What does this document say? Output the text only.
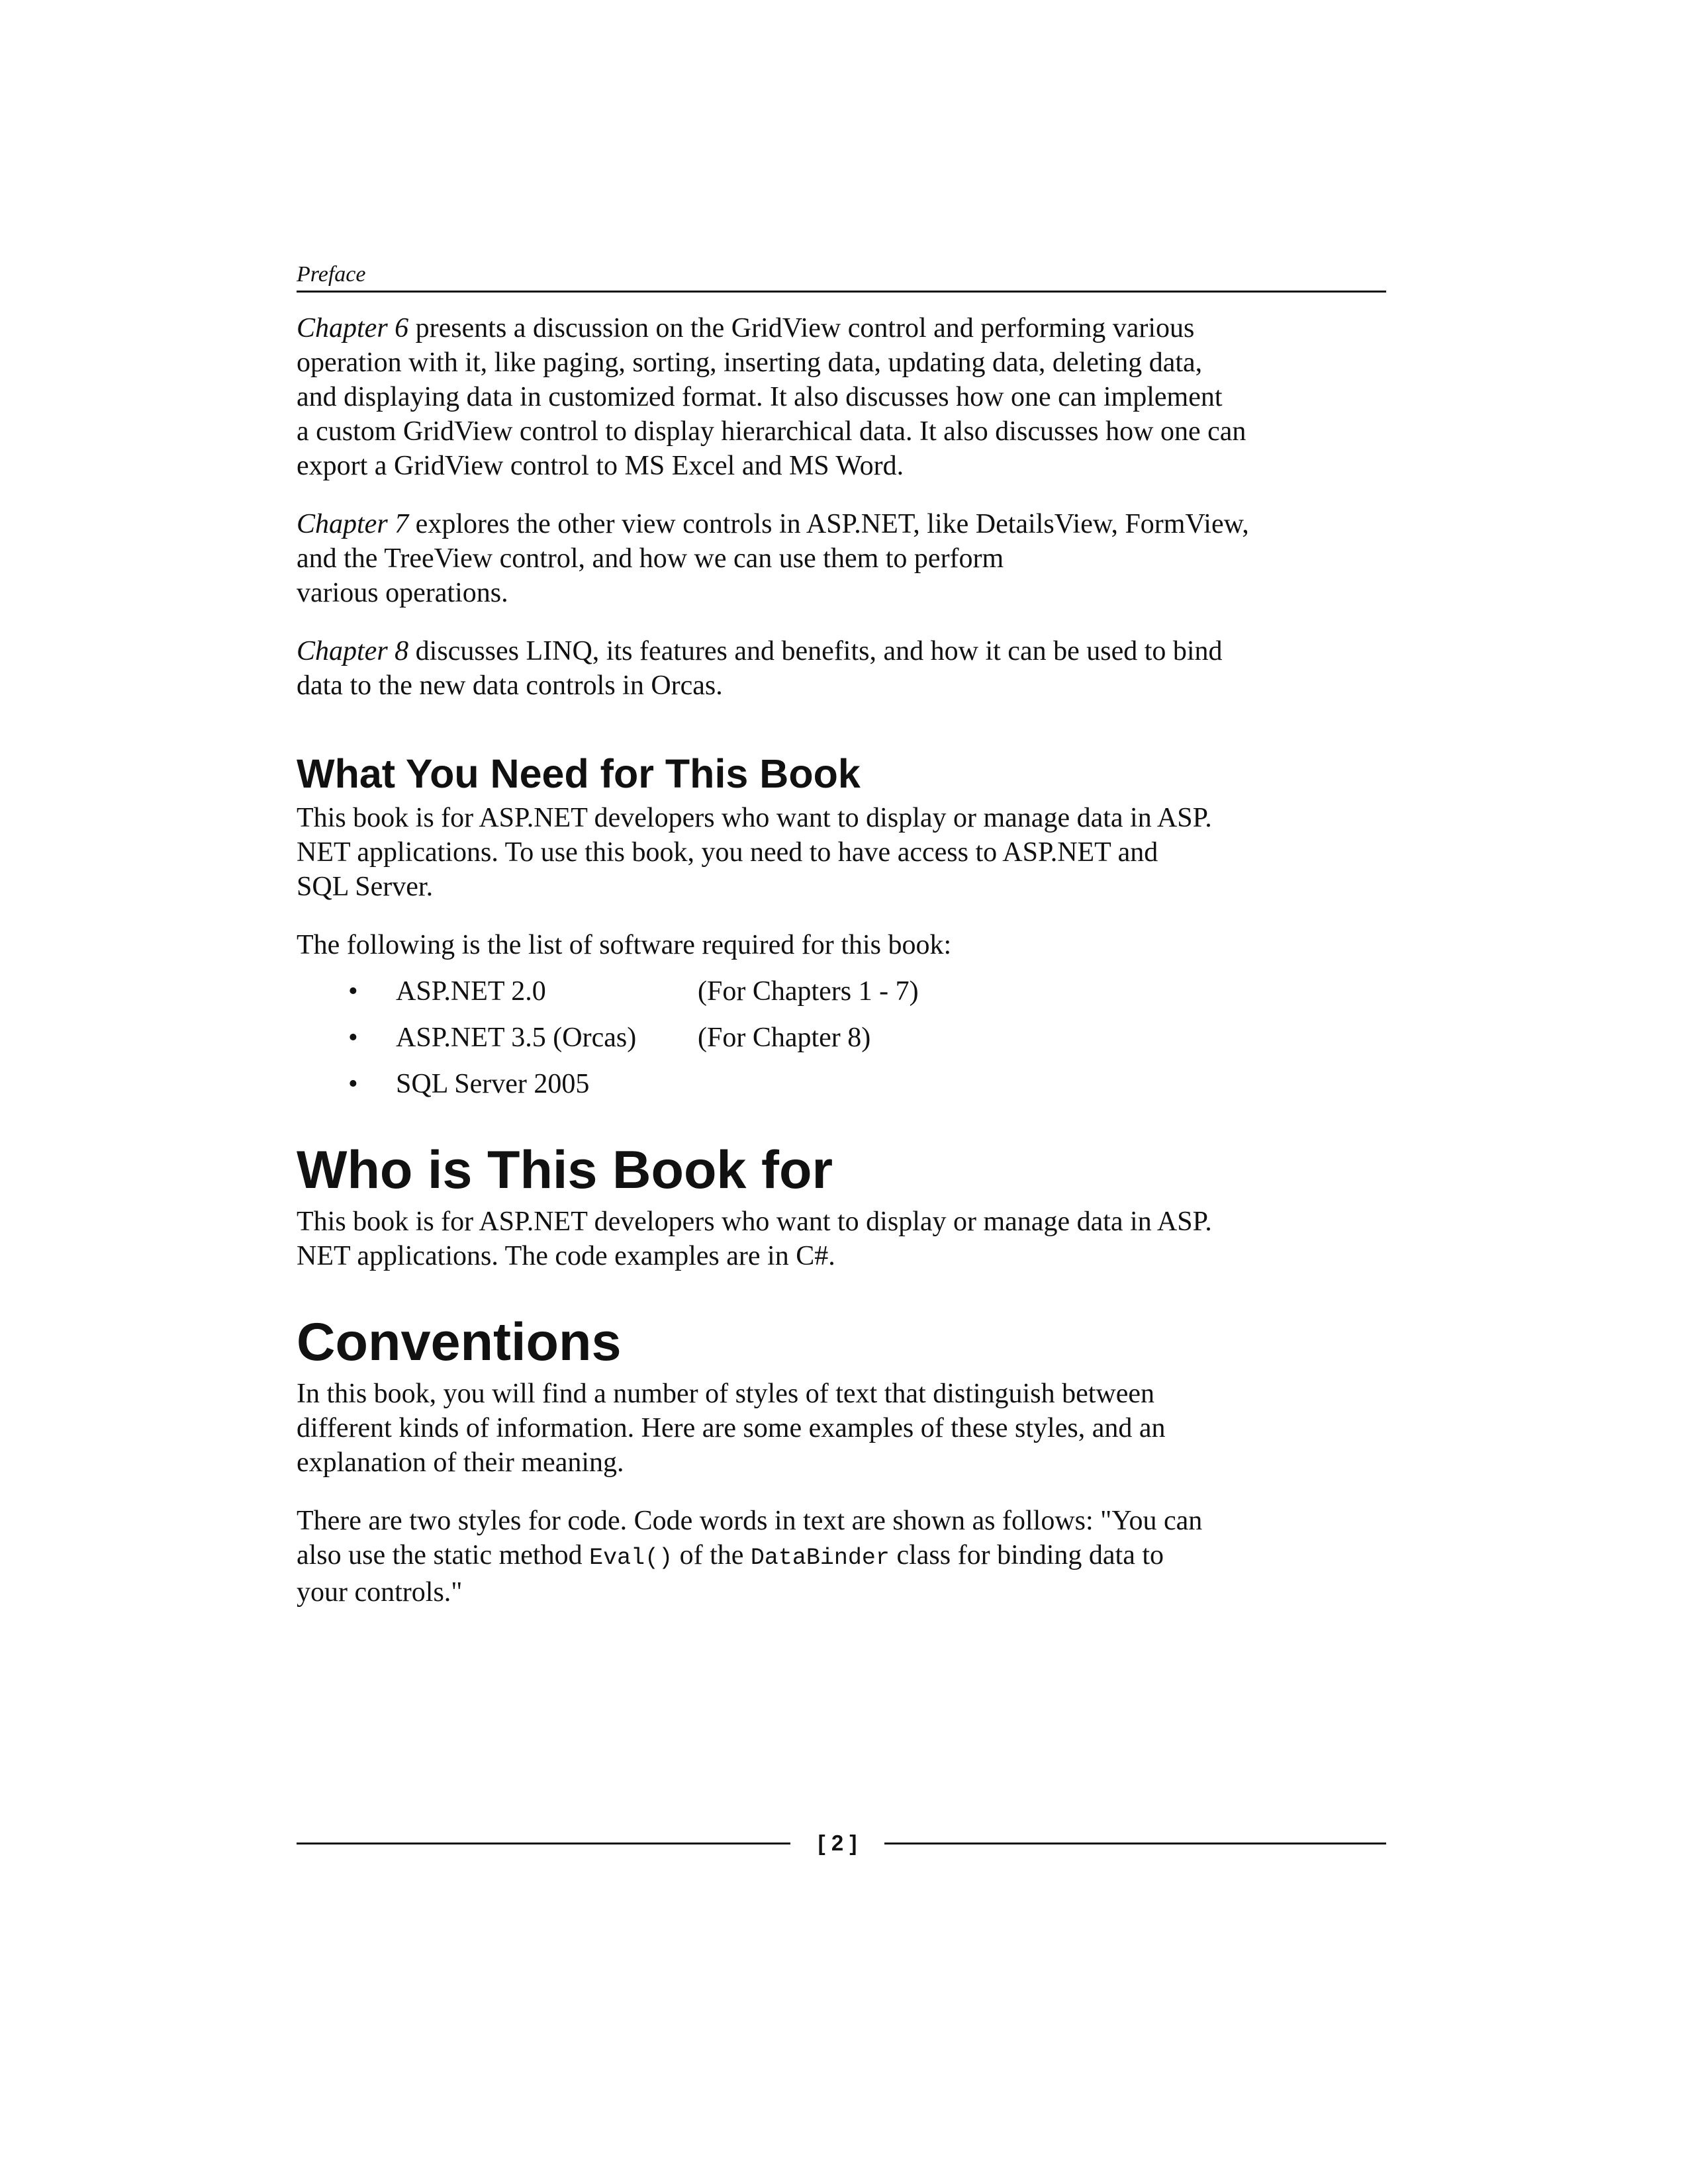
Preface

Chapter 6 presents a discussion on the GridView control and performing various
operation with it, like paging, sorting, inserting data, updating data, deleting data,
and displaying data in customized format. It also discusses how one can implement
a custom GridView control to display hierarchical data. It also discusses how one can
export a GridView control to MS Excel and MS Word.

Chapter 7 explores the other view controls in ASP.NET, like DetailsView, FormView,
and the TreeView control, and how we can use them to perform
various operations.

Chapter 8 discusses LINQ, its features and benefits, and how it can be used to bind
data to the new data controls in Orcas.

What You Need for This Book

This book is for ASP.NET developers who want to display or manage data in ASP.
NET applications. To use this book, you need to have access to ASP.NET and
SQL Server.

The following is the list of software required for this book:

• ASP.NET 2.0	(For Chapters 1 - 7)
• ASP.NET 3.5 (Orcas) (For Chapter 8)
• SQL Server 2005
Who is This Book for

This book is for ASP.NET developers who want to display or manage data in ASP.
NET applications. The code examples are in C#.

Conventions

In this book, you will find a number of styles of text that distinguish between
different kinds of information. Here are some examples of these styles, and an
explanation of their meaning.

There are two styles for code. Code words in text are shown as follows: "You can
also use the static method Eval() of the DataBinder class for binding data to
your controls."

[ 2 ]
